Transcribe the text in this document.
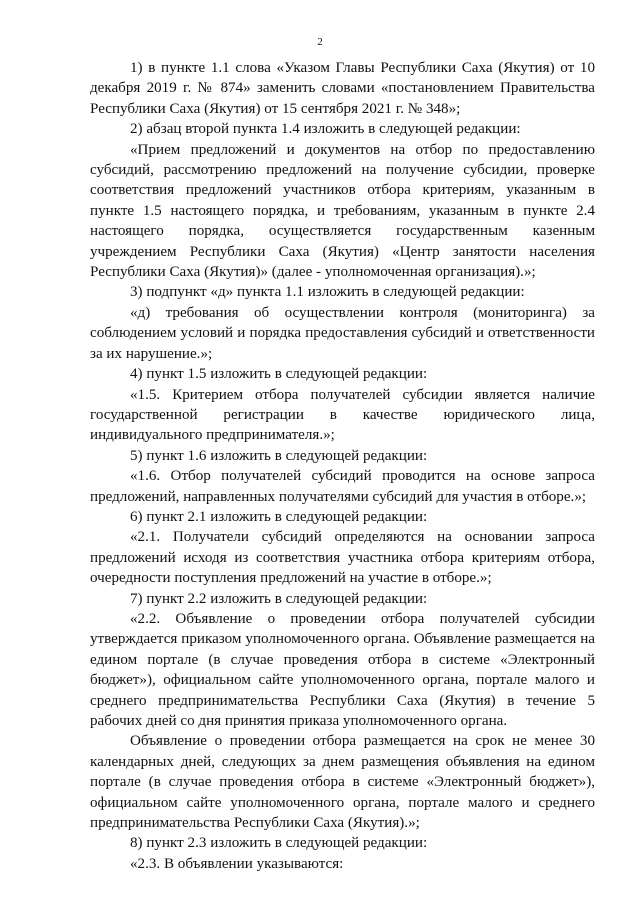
2

1) в пункте 1.1 слова «Указом Главы Республики Саха (Якутия) от 10 декабря 2019 г. № 874» заменить словами «постановлением Правительства Республики Саха (Якутия) от 15 сентября 2021 г. № 348»;

2) абзац второй пункта 1.4 изложить в следующей редакции:

«Прием предложений и документов на отбор по предоставлению субсидий, рассмотрению предложений на получение субсидии, проверке соответствия предложений участников отбора критериям, указанным в пункте 1.5 настоящего порядка, и требованиям, указанным в пункте 2.4 настоящего порядка, осуществляется государственным казенным учреждением Республики Саха (Якутия) «Центр занятости населения Республики Саха (Якутия)» (далее - уполномоченная организация).»;

3) подпункт «д» пункта 1.1 изложить в следующей редакции:

«д) требования об осуществлении контроля (мониторинга) за соблюдением условий и порядка предоставления субсидий и ответственности за их нарушение.»;

4) пункт 1.5 изложить в следующей редакции:

«1.5. Критерием отбора получателей субсидии является наличие государственной регистрации в качестве юридического лица, индивидуального предпринимателя.»;

5) пункт 1.6 изложить в следующей редакции:

«1.6. Отбор получателей субсидий проводится на основе запроса предложений, направленных получателями субсидий для участия в отборе.»;

6) пункт 2.1 изложить в следующей редакции:

«2.1. Получатели субсидий определяются на основании запроса предложений исходя из соответствия участника отбора критериям отбора, очередности поступления предложений на участие в отборе.»;

7) пункт 2.2 изложить в следующей редакции:

«2.2. Объявление о проведении отбора получателей субсидии утверждается приказом уполномоченного органа. Объявление размещается на едином портале (в случае проведения отбора в системе «Электронный бюджет»), официальном сайте уполномоченного органа, портале малого и среднего предпринимательства Республики Саха (Якутия) в течение 5 рабочих дней со дня принятия приказа уполномоченного органа.

Объявление о проведении отбора размещается на срок не менее 30 календарных дней, следующих за днем размещения объявления на едином портале (в случае проведения отбора в системе «Электронный бюджет»), официальном сайте уполномоченного органа, портале малого и среднего предпринимательства Республики Саха (Якутия).»;

8) пункт 2.3 изложить в следующей редакции:

«2.3. В объявлении указываются:
